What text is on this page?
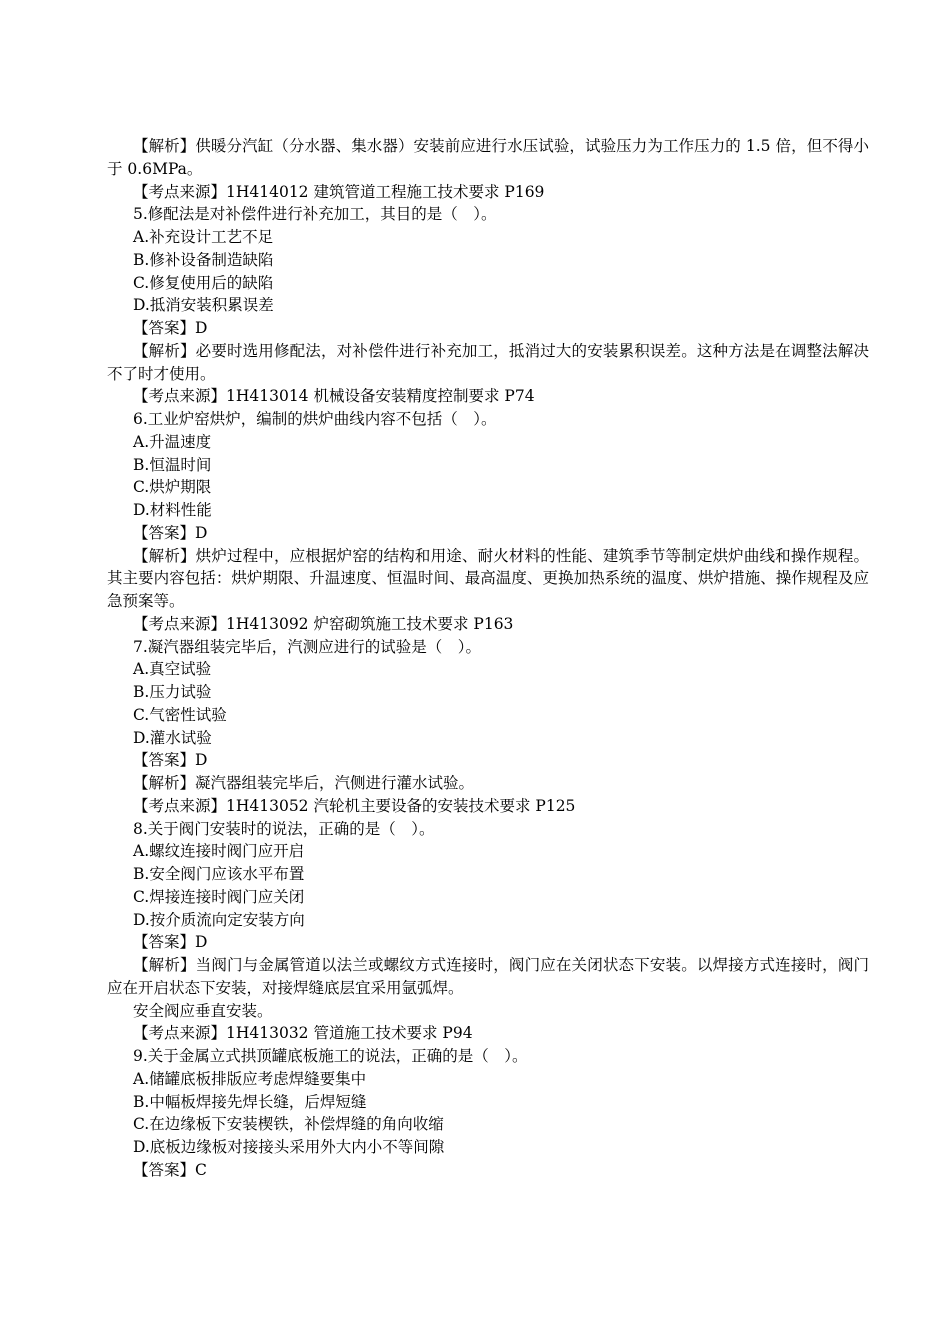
【解析】供暖分汽缸（分水器、集水器）安装前应进行水压试验，试验压力为工作压力的 1.5 倍，但不得小于 0.6MPa。
【考点来源】1H414012 建筑管道工程施工技术要求 P169
5.修配法是对补偿件进行补充加工，其目的是（　）。
A.补充设计工艺不足
B.修补设备制造缺陷
C.修复使用后的缺陷
D.抵消安装积累误差
【答案】D
【解析】必要时选用修配法，对补偿件进行补充加工，抵消过大的安装累积误差。这种方法是在调整法解决不了时才使用。
【考点来源】1H413014 机械设备安装精度控制要求 P74
6.工业炉窑烘炉，编制的烘炉曲线内容不包括（　）。
A.升温速度
B.恒温时间
C.烘炉期限
D.材料性能
【答案】D
【解析】烘炉过程中，应根据炉窑的结构和用途、耐火材料的性能、建筑季节等制定烘炉曲线和操作规程。其主要内容包括：烘炉期限、升温速度、恒温时间、最高温度、更换加热系统的温度、烘炉措施、操作规程及应急预案等。
【考点来源】1H413092 炉窑砌筑施工技术要求 P163
7.凝汽器组装完毕后，汽测应进行的试验是（　）。
A.真空试验
B.压力试验
C.气密性试验
D.灌水试验
【答案】D
【解析】凝汽器组装完毕后，汽侧进行灌水试验。
【考点来源】1H413052 汽轮机主要设备的安装技术要求 P125
8.关于阀门安装时的说法，正确的是（　）。
A.螺纹连接时阀门应开启
B.安全阀门应该水平布置
C.焊接连接时阀门应关闭
D.按介质流向定安装方向
【答案】D
【解析】当阀门与金属管道以法兰或螺纹方式连接时，阀门应在关闭状态下安装。以焊接方式连接时，阀门应在开启状态下安装，对接焊缝底层宜采用氩弧焊。
安全阀应垂直安装。
【考点来源】1H413032 管道施工技术要求 P94
9.关于金属立式拱顶罐底板施工的说法，正确的是（　）。
A.储罐底板排版应考虑焊缝要集中
B.中幅板焊接先焊长缝，后焊短缝
C.在边缘板下安装楔铁，补偿焊缝的角向收缩
D.底板边缘板对接接头采用外大内小不等间隙
【答案】C
